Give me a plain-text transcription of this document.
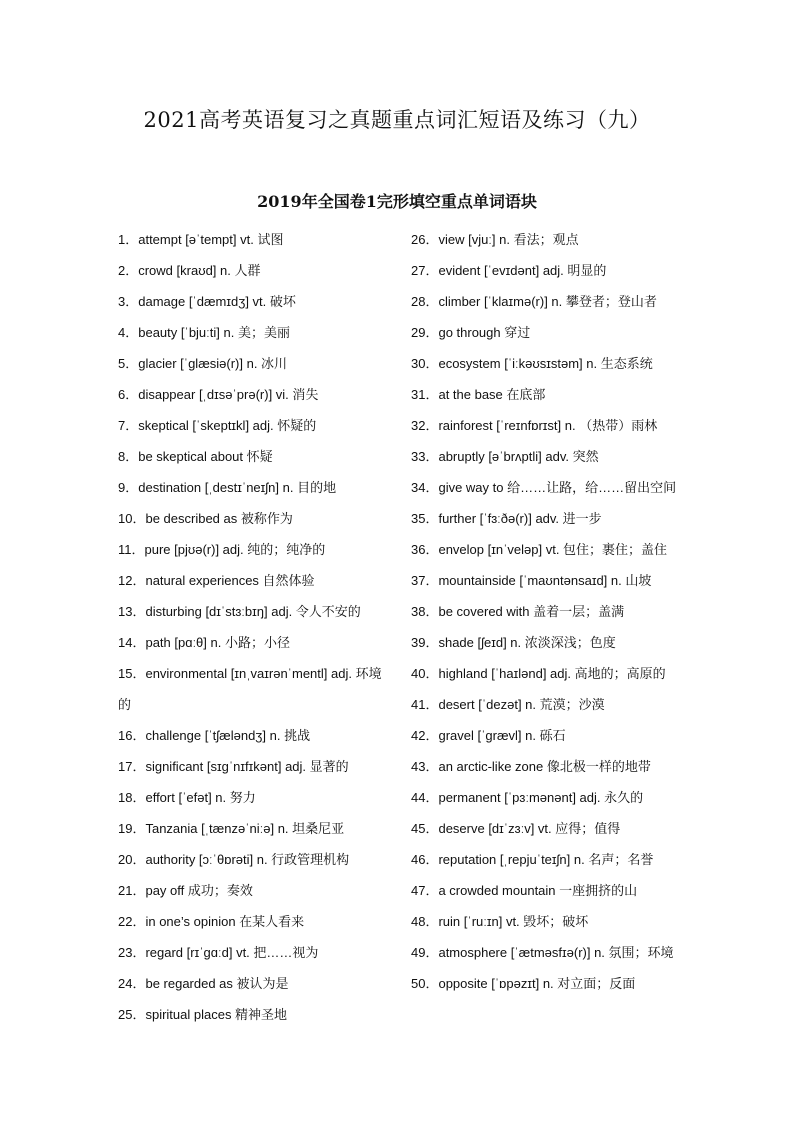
2021高考英语复习之真题重点词汇短语及练习（九）
2019年全国卷1完形填空重点单词语块
1．attempt [əˈtempt] vt. 试图
2．crowd [kraʊd] n. 人群
3．damage [ˈdæmɪdʒ] vt. 破坏
4．beauty [ˈbjuːti] n. 美；美丽
5．glacier [ˈglæsiə(r)] n. 冰川
6．disappear [ˌdɪsəˈprə(r)] vi. 消失
7．skeptical [ˈskeptɪkl] adj. 怀疑的
8．be skeptical about 怀疑
9．destination [ˌdestɪˈneɪʃn] n. 目的地
10．be described as 被称作为
11．pure [pjʊə(r)] adj. 纯的；纯净的
12．natural experiences 自然体验
13．disturbing [dɪˈstɜːbɪŋ] adj. 令人不安的
14．path [pɑːθ] n. 小路；小径
15．environmental [ɪnˌvaɪrənˈmentl] adj. 环境的
16．challenge [ˈtʃæləndʒ] n. 挑战
17．significant [sɪgˈnɪfɪkənt] adj. 显著的
18．effort [ˈefət] n. 努力
19．Tanzania [ˌtænzəˈniːə] n. 坦桑尼亚
20．authority [ɔːˈθɒrəti] n. 行政管理机构
21．pay off 成功；奏效
22．in one’s opinion 在某人看来
23．regard [rɪˈgɑːd] vt. 把……视为
24．be regarded as 被认为是
25．spiritual places 精神圣地
26．view [vjuː] n. 看法；观点
27．evident [ˈevɪdənt] adj. 明显的
28．climber [ˈklaɪmə(r)] n. 攀登者；登山者
29．go through 穿过
30．ecosystem [ˈiːkəʊsɪstəm] n. 生态系统
31．at the base 在底部
32．rainforest [ˈreɪnfɒrɪst] n. （热带）雨林
33．abruptly [əˈbrʌptli] adv. 突然
34．give way to 给……让路，给……留出空间
35．further [ˈfɜːðə(r)] adv. 进一步
36．envelop [ɪnˈveləp] vt. 包住；裹住；盖住
37．mountainside [ˈmaʊntənsaɪd] n. 山坡
38．be covered with 盖着一层；盖满
39．shade [ʃeɪd] n. 浓淡深浅；色度
40．highland [ˈhaɪlənd] adj. 高地的；高原的
41．desert [ˈdezət] n. 荒漠；沙漠
42．gravel [ˈgrævl] n. 砾石
43．an arctic-like zone 像北极一样的地带
44．permanent [ˈpɜːmənənt] adj. 永久的
45．deserve [dɪˈzɜːv] vt. 应得；值得
46．reputation [ˌrepjuˈteɪʃn] n. 名声；名誉
47．a crowded mountain 一座拥挤的山
48．ruin [ˈruːɪn] vt. 毁坏；破坏
49．atmosphere [ˈætməsfɪə(r)] n. 氛围；环境
50．opposite [ˈɒpəzɪt] n. 对立面；反面
